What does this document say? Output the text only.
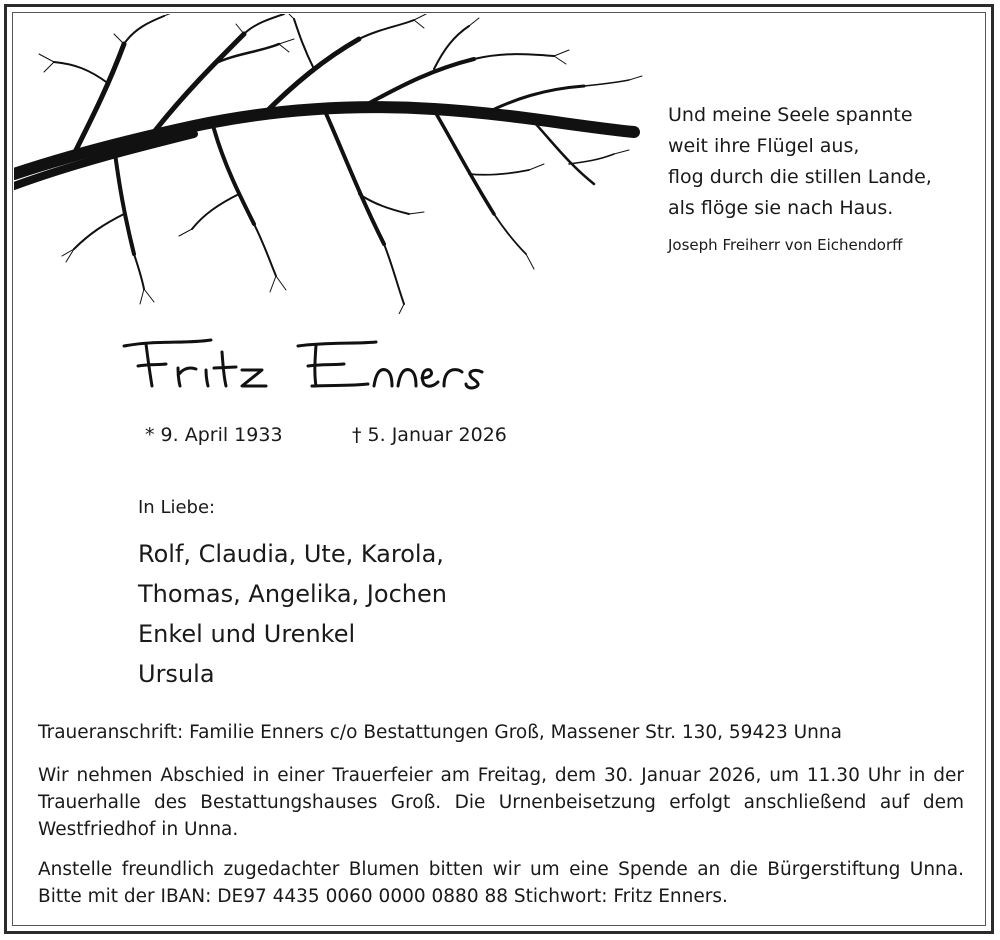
Und meine Seele spannte
weit ihre Flügel aus,
flog durch die stillen Lande,
als flöge sie nach Haus.
Joseph Freiherr von Eichendorff
* 9. April 1933	† 5. Januar 2026
In Liebe:
Rolf, Claudia, Ute, Karola,
Thomas, Angelika, Jochen
Enkel und Urenkel
Ursula
Traueranschrift: Familie Enners c/o Bestattungen Groß, Massener Str. 130, 59423 Unna
Wir nehmen Abschied in einer Trauerfeier am Freitag, dem 30. Januar 2026, um 11.30 Uhr in der Trauerhalle des Bestattungshauses Groß. Die Urnenbeisetzung erfolgt anschließend auf dem Westfriedhof in Unna.
Anstelle freundlich zugedachter Blumen bitten wir um eine Spende an die Bürgerstiftung Unna. Bitte mit der IBAN: DE97 4435 0060 0000 0880 88 Stichwort: Fritz Enners.
